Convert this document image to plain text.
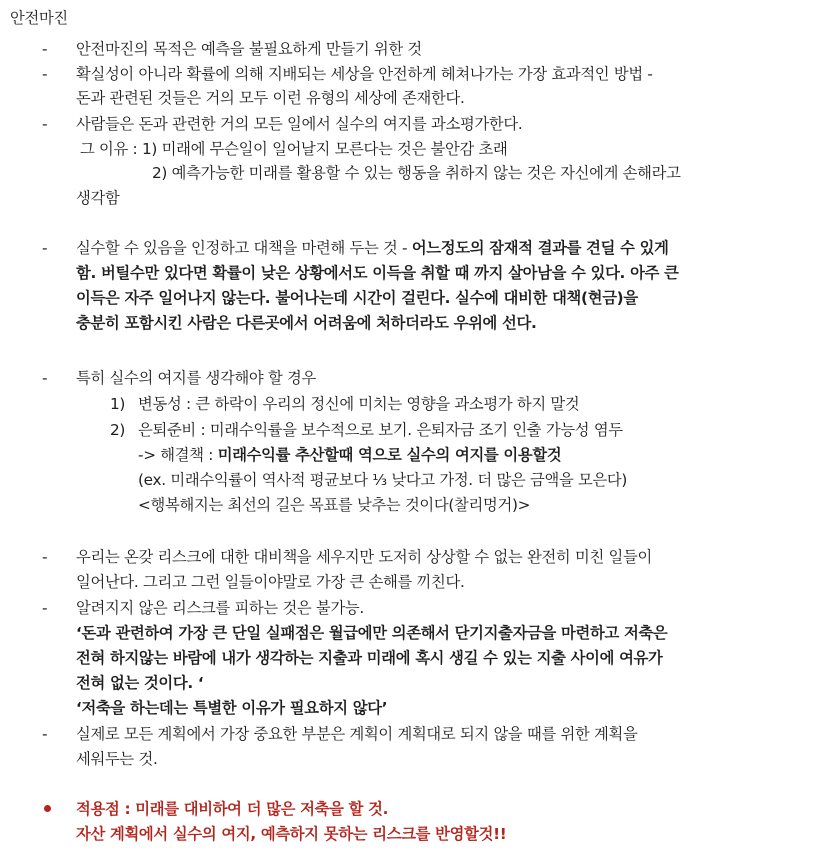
안전마진
- 안전마진의 목적은 예측을 불필요하게 만들기 위한 것
- 확실성이 아니라 확률에 의해 지배되는 세상을 안전하게 헤쳐나가는 가장 효과적인 방법 -
돈과 관련된 것들은 거의 모두 이런 유형의 세상에 존재한다.
- 사람들은 돈과 관련한 거의 모든 일에서 실수의 여지를 과소평가한다.
그 이유 : 1) 미래에 무슨일이 일어날지 모른다는 것은 불안감 초래
2) 예측가능한 미래를 활용할 수 있는 행동을 취하지 않는 것은 자신에게 손해라고
생각함
- 실수할 수 있음을 인정하고 대책을 마련해 두는 것 - 어느정도의 잠재적 결과를 견딜 수 있게
함. 버틸수만 있다면 확률이 낮은 상황에서도 이득을 취할 때 까지 살아남을 수 있다. 아주 큰
이득은 자주 일어나지 않는다. 불어나는데 시간이 걸린다. 실수에 대비한 대책(현금)을
충분히 포함시킨 사람은 다른곳에서 어려움에 처하더라도 우위에 선다.
- 특히 실수의 여지를 생각해야 할 경우
1) 변동성 : 큰 하락이 우리의 정신에 미치는 영향을 과소평가 하지 말것
2) 은퇴준비 : 미래수익률을 보수적으로 보기. 은퇴자금 조기 인출 가능성 염두
-> 해결책 : 미래수익률 추산할때 역으로 실수의 여지를 이용할것
(ex. 미래수익률이 역사적 평균보다 ⅓ 낮다고 가정. 더 많은 금액을 모은다)
<행복해지는 최선의 길은 목표를 낮추는 것이다(찰리멍거)>
- 우리는 온갖 리스크에 대한 대비책을 세우지만 도저히 상상할 수 없는 완전히 미친 일들이
일어난다. 그리고 그런 일들이야말로 가장 큰 손해를 끼친다.
- 알려지지 않은 리스크를 피하는 것은 불가능.
‘돈과 관련하여 가장 큰 단일 실패점은 월급에만 의존해서 단기지출자금을 마련하고 저축은
전혀 하지않는 바람에 내가 생각하는 지출과 미래에 혹시 생길 수 있는 지출 사이에 여유가
전혀 없는 것이다. ‘
‘저축을 하는데는 특별한 이유가 필요하지 않다’
- 실제로 모든 계획에서 가장 중요한 부분은 계획이 계획대로 되지 않을 때를 위한 계획을
세워두는 것.
적용점 : 미래를 대비하여 더 많은 저축을 할 것.
자산 계획에서 실수의 여지, 예측하지 못하는 리스크를 반영할것!!
